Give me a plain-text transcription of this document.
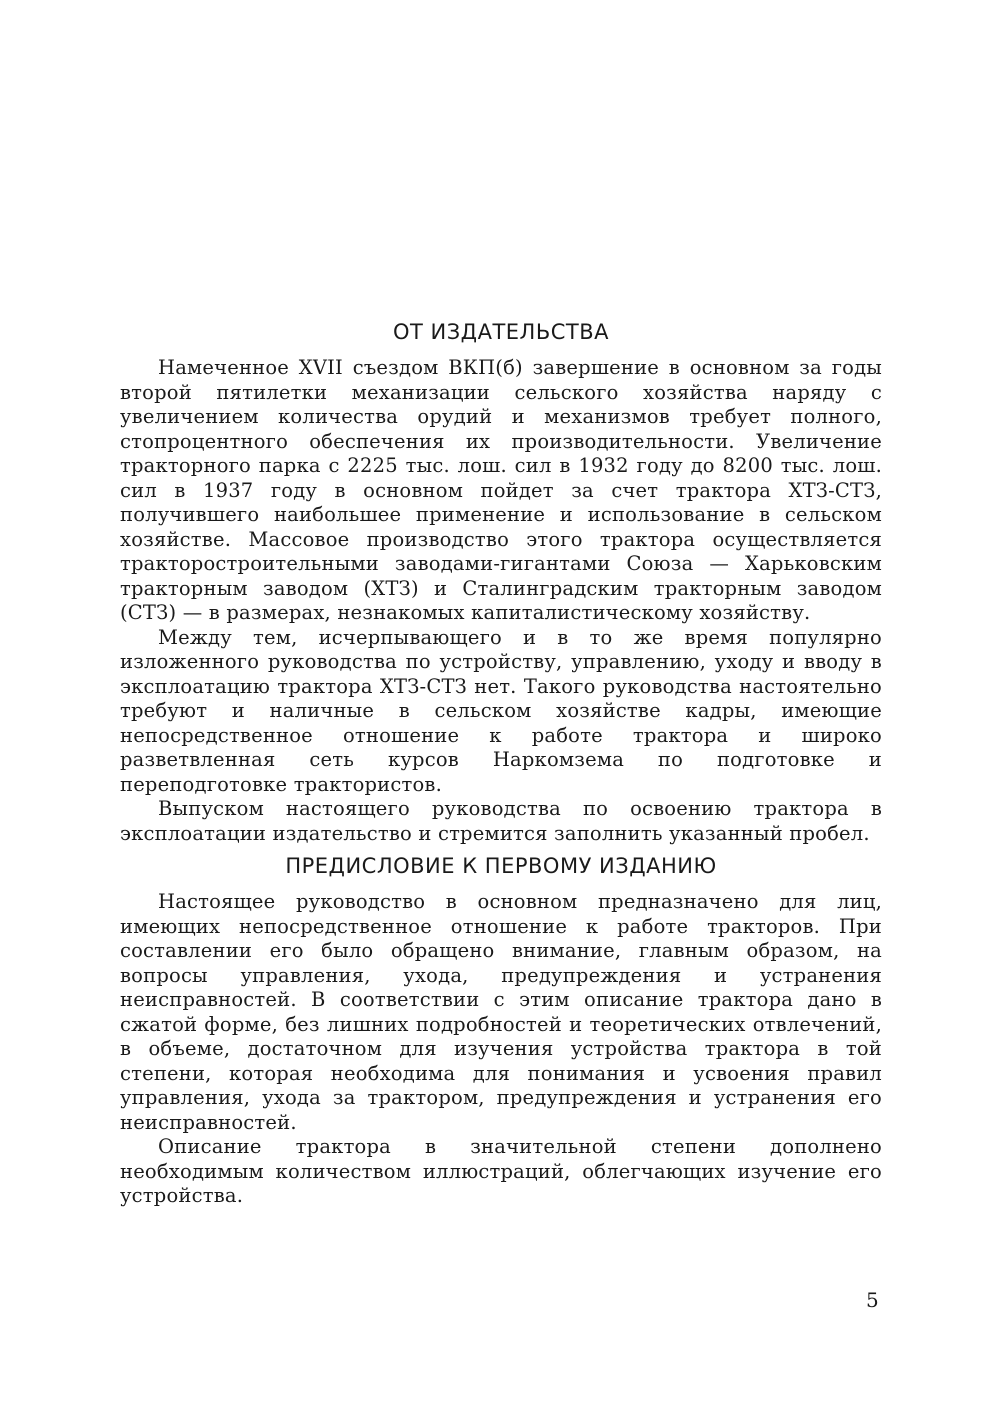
ОТ ИЗДАТЕЛЬСТВА

Намеченное XVII съездом ВКП(б) завершение в основном за годы второй пятилетки механизации сельского хозяйства наряду с увеличением количества орудий и механизмов требует полного, стопроцентного обеспечения их производительности. Увеличение тракторного парка с 2225 тыс. лош. сил в 1932 году до 8200 тыс. лош. сил в 1937 году в основном пойдет за счет трактора ХТЗ-СТЗ, получившего наибольшее применение и использование в сельском хозяйстве. Массовое производство этого трактора осуществляется тракторостроительными заводами-гигантами Союза — Харьковским тракторным заводом (ХТЗ) и Сталинградским тракторным заводом (СТЗ) — в размерах, незнакомых капиталистическому хозяйству.

Между тем, исчерпывающего и в то же время популярно изложенного руководства по устройству, управлению, уходу и вводу в эксплоатацию трактора ХТЗ-СТЗ нет. Такого руководства настоятельно требуют и наличные в сельском хозяйстве кадры, имеющие непосредственное отношение к работе трактора и широко разветвленная сеть курсов Наркомзема по подготовке и переподготовке трактористов.

Выпуском настоящего руководства по освоению трактора в эксплоатации издательство и стремится заполнить указанный пробел.

ПРЕДИСЛОВИЕ К ПЕРВОМУ ИЗДАНИЮ

Настоящее руководство в основном предназначено для лиц, имеющих непосредственное отношение к работе тракторов. При составлении его было обращено внимание, главным образом, на вопросы управления, ухода, предупреждения и устранения неисправностей. В соответствии с этим описание трактора дано в сжатой форме, без лишних подробностей и теоретических отвлечений, в объеме, достаточном для изучения устройства трактора в той степени, которая необходима для понимания и усвоения правил управления, ухода за трактором, предупреждения и устранения его неисправностей.

Описание трактора в значительной степени дополнено необходимым количеством иллюстраций, облегчающих изучение его устройства.

5
